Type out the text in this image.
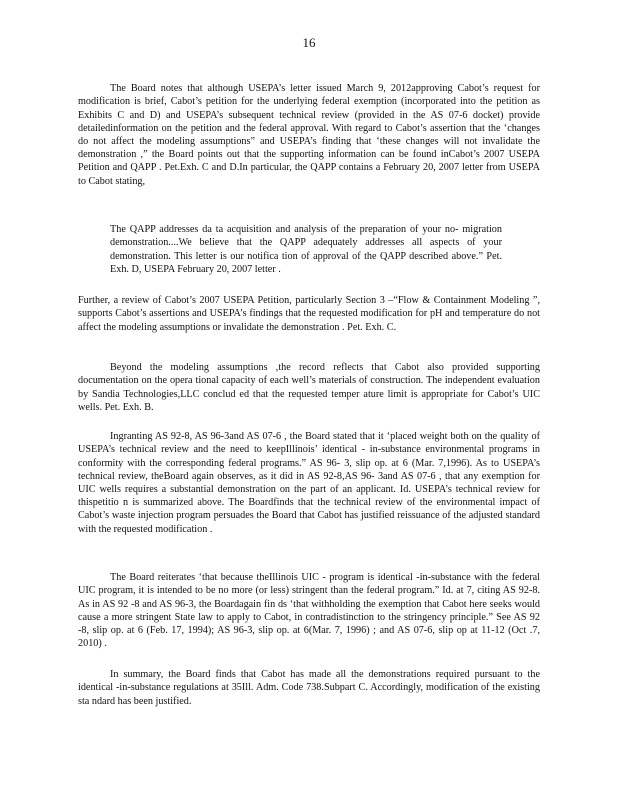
16

The Board notes that although USEPA’s letter issued March 9, 2012approving Cabot’s request for modification is brief, Cabot’s petition for the underlying federal exemption (incorporated into the petition as Exhibits C and D) and USEPA’s subsequent technical review (provided in the AS 07-6 docket) provide detailedinformation on the petition and the federal approval. With regard to Cabot’s assertion that the ‘changes do not affect the modeling assumptions” and USEPA’s finding that ‘these changes will not invalidate the demonstration ,” the Board points out that the supporting information can be found inCabot’s 2007 USEPA Petition and QAPP . Pet.Exh. C and D.In particular, the QAPP contains a February 20, 2007 letter from USEPA to Cabot stating,

The QAPP addresses da ta acquisition and analysis of the preparation of your no- migration demonstration....We believe that the QAPP adequately addresses all aspects of your demonstration. This letter is our notifica tion of approval of the QAPP described above.” Pet. Exh. D, USEPA February 20, 2007 letter .

Further, a review of Cabot’s 2007 USEPA Petition, particularly Section 3 –“Flow & Containment Modeling ”, supports Cabot’s assertions and USEPA’s findings that the requested modification for pH and temperature do not affect the modeling assumptions or invalidate the demonstration . Pet. Exh. C.

Beyond the modeling assumptions ,the record reflects that Cabot also provided supporting documentation on the opera tional capacity of each well’s materials of construction. The independent evaluation by Sandia Technologies,LLC conclud ed that the requested temper ature limit is appropriate for Cabot’s UIC wells. Pet. Exh. B.

Ingranting AS 92-8, AS 96-3and AS 07-6 , the Board stated that it ‘placed weight both on the quality of USEPA’s technical review and the need to keepIllinois’ identical - in-substance environmental programs in conformity with the corresponding federal programs.” AS 96- 3, slip op. at 6 (Mar. 7,1996). As to USEPA’s technical review, theBoard again observes, as it did in AS 92-8,AS 96- 3and AS 07-6 , that any exemption for UIC wells requires a substantial demonstration on the part of an applicant. Id. USEPA’s technical review for thispetitio n is summarized above. The Boardfinds that the technical review of the environmental impact of Cabot’s waste injection program persuades the Board that Cabot has justified reissuance of the adjusted standard with the requested modification .

The Board reiterates ‘that because theIllinois UIC - program is identical -in-substance with the federal UIC program, it is intended to be no more (or less) stringent than the federal program.” Id. at 7, citing AS 92-8. As in AS 92 -8 and AS 96-3, the Boardagain fin ds ‘that withholding the exemption that Cabot here seeks would cause a more stringent State law to apply to Cabot, in contradistinction to the stringency principle.” See AS 92 -8, slip op. at 6 (Feb. 17, 1994); AS 96-3, slip op. at 6(Mar. 7, 1996) ; and AS 07-6, slip op at 11-12 (Oct .7, 2010) .

In summary, the Board finds that Cabot has made all the demonstrations required pursuant to the identical -in-substance regulations at 35Ill. Adm. Code 738.Subpart C. Accordingly, modification of the existing sta ndard has been justified.
